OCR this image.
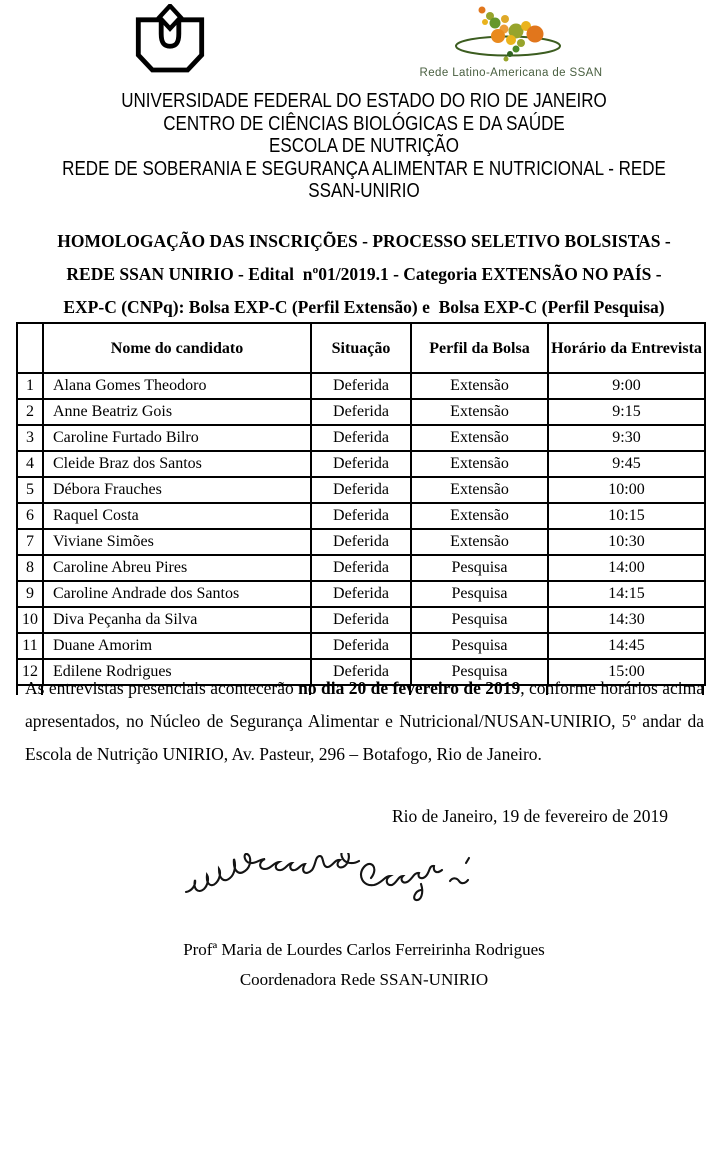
Rede Latino-Americana de SSAN
UNIVERSIDADE FEDERAL DO ESTADO DO RIO DE JANEIRO
CENTRO DE CIÊNCIAS BIOLÓGICAS E DA SAÚDE
ESCOLA DE NUTRIÇÃO
REDE DE SOBERANIA E SEGURANÇA ALIMENTAR E NUTRICIONAL - REDE SSAN-UNIRIO
HOMOLOGAÇÃO DAS INSCRIÇÕES - PROCESSO SELETIVO BOLSISTAS -
REDE SSAN UNIRIO - Edital  nº01/2019.1 - Categoria EXTENSÃO NO PAÍS -
EXP-C (CNPq): Bolsa EXP-C (Perfil Extensão) e  Bolsa EXP-C (Perfil Pesquisa)
	Nome do candidato	Situação	Perfil da Bolsa	Horário da Entrevista
1	Alana Gomes Theodoro	Deferida	Extensão	9:00
2	Anne Beatriz Gois	Deferida	Extensão	9:15
3	Caroline Furtado Bilro	Deferida	Extensão	9:30
4	Cleide Braz dos Santos	Deferida	Extensão	9:45
5	Débora Frauches	Deferida	Extensão	10:00
6	Raquel Costa	Deferida	Extensão	10:15
7	Viviane Simões	Deferida	Extensão	10:30
8	Caroline Abreu Pires	Deferida	Pesquisa	14:00
9	Caroline Andrade dos Santos	Deferida	Pesquisa	14:15
10	Diva Peçanha da Silva	Deferida	Pesquisa	14:30
11	Duane Amorim	Deferida	Pesquisa	14:45
12	Edilene Rodrigues	Deferida	Pesquisa	15:00
As entrevistas presenciais acontecerão no dia 20 de fevereiro de 2019, conforme horários acima apresentados, no Núcleo de Segurança Alimentar e Nutricional/NUSAN-UNIRIO, 5º andar da Escola de Nutrição UNIRIO, Av. Pasteur, 296 – Botafogo, Rio de Janeiro.
Rio de Janeiro, 19 de fevereiro de 2019
Profª Maria de Lourdes Carlos Ferreirinha Rodrigues
Coordenadora Rede SSAN-UNIRIO
